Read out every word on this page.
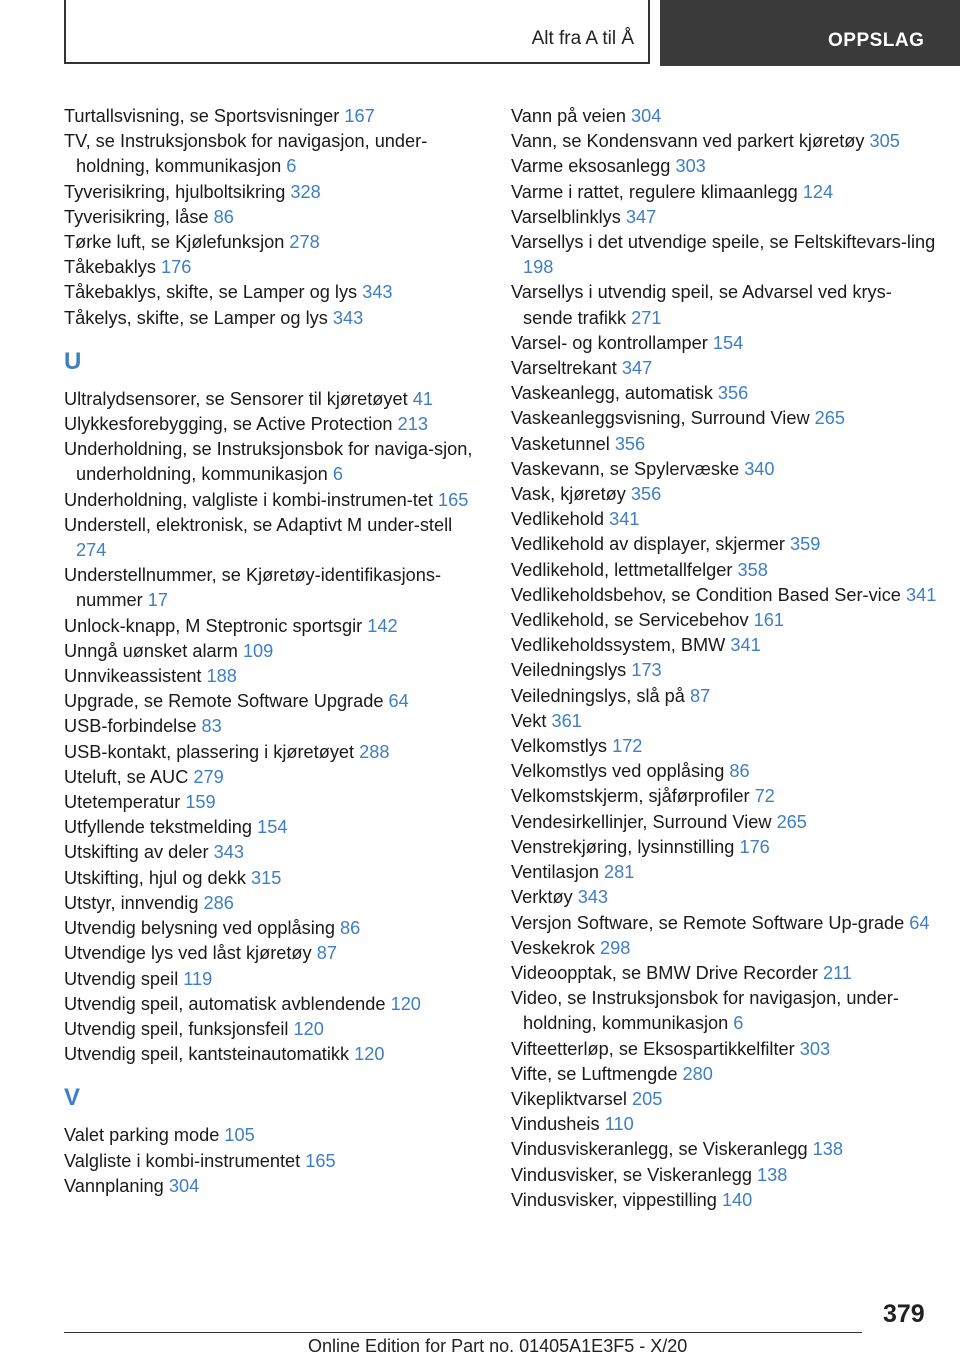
Alt fra A til Å	OPPSLAG
Turtallsvisning, se Sportsvisninger 167
TV, se Instruksjonsbok for navigasjon, under‐holdning, kommunikasjon 6
Tyverisikring, hjulboltsikring 328
Tyverisikring, låse 86
Tørke luft, se Kjølefunksjon 278
Tåkebaklys 176
Tåkebaklys, skifte, se Lamper og lys 343
Tåkelys, skifte, se Lamper og lys 343
U
Ultralydsensorer, se Sensorer til kjøretøyet 41
Ulykkesforebygging, se Active Protection 213
Underholdning, se Instruksjonsbok for naviga‐sjon, underholdning, kommunikasjon 6
Underholdning, valgliste i kombi-instrumen‐tet 165
Understell, elektronisk, se Adaptivt M under‐stell 274
Understellnummer, se Kjøretøy-identifikasjons‐nummer 17
Unlock-knapp, M Steptronic sportsgir 142
Unngå uønsket alarm 109
Unnvikeassistent 188
Upgrade, se Remote Software Upgrade 64
USB-forbindelse 83
USB-kontakt, plassering i kjøretøyet 288
Uteluft, se AUC 279
Utetemperatur 159
Utfyllende tekstmelding 154
Utskifting av deler 343
Utskifting, hjul og dekk 315
Utstyr, innvendig 286
Utvendig belysning ved opplåsing 86
Utvendige lys ved låst kjøretøy 87
Utvendig speil 119
Utvendig speil, automatisk avblendende 120
Utvendig speil, funksjonsfeil 120
Utvendig speil, kantsteinautomatikk 120
V
Valet parking mode 105
Valgliste i kombi-instrumentet 165
Vannplaning 304
Vann på veien 304
Vann, se Kondensvann ved parkert kjøretøy 305
Varme eksosanlegg 303
Varme i rattet, regulere klimaanlegg 124
Varselblinklys 347
Varsellys i det utvendige speile, se Feltskiftevars‐ling 198
Varsellys i utvendig speil, se Advarsel ved krys‐sende trafikk 271
Varsel- og kontrollamper 154
Varseltrekant 347
Vaskeanlegg, automatisk 356
Vaskeanleggsvisning, Surround View 265
Vasketunnel 356
Vaskevann, se Spylervæske 340
Vask, kjøretøy 356
Vedlikehold 341
Vedlikehold av displayer, skjermer 359
Vedlikehold, lettmetallfelger 358
Vedlikeholdsbehov, se Condition Based Ser‐vice 341
Vedlikehold, se Servicebehov 161
Vedlikeholdssystem, BMW 341
Veiledningslys 173
Veiledningslys, slå på 87
Vekt 361
Velkomstlys 172
Velkomstlys ved opplåsing 86
Velkomstskjerm, sjåførprofiler 72
Vendesirkellinjer, Surround View 265
Venstrekjøring, lysinnstilling 176
Ventilasjon 281
Verktøy 343
Versjon Software, se Remote Software Up‐grade 64
Veskekrok 298
Videoopptak, se BMW Drive Recorder 211
Video, se Instruksjonsbok for navigasjon, under‐holdning, kommunikasjon 6
Vifteetterløp, se Eksospartikkelfilter 303
Vifte, se Luftmengde 280
Vikepliktvarsel 205
Vindusheis 110
Vindusviskeranlegg, se Viskeranlegg 138
Vindusvisker, se Viskeranlegg 138
Vindusvisker, vippestilling 140
379
Online Edition for Part no. 01405A1E3F5 - X/20
